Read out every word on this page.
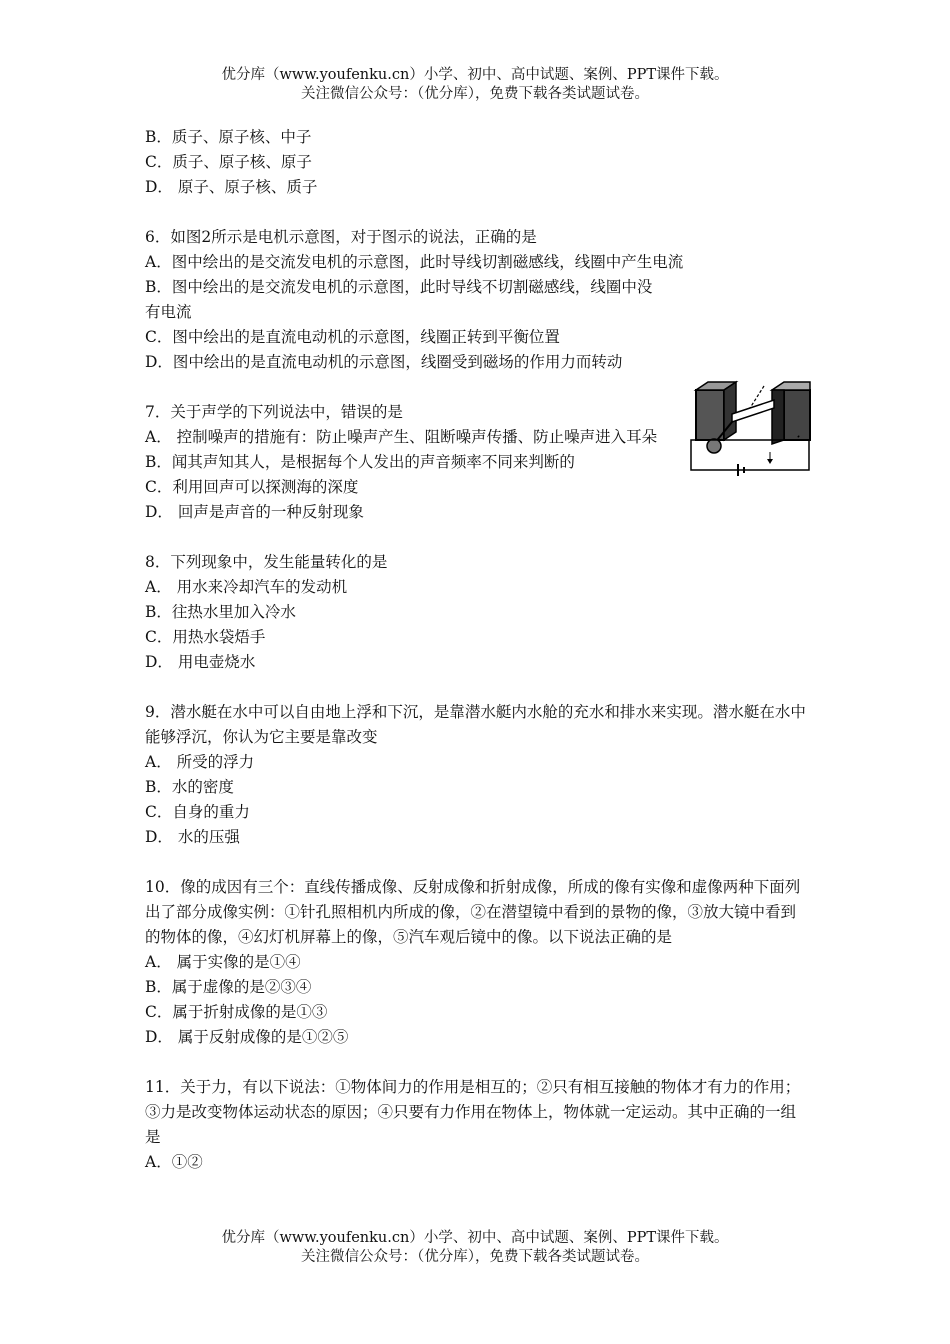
优分库（www.youfenku.cn）小学、初中、高中试题、案例、PPT课件下载。
关注微信公众号：（优分库），免费下载各类试题试卷。
B．质子、原子核、中子
C．质子、原子核、原子
D． 原子、原子核、质子
6．如图2所示是电机示意图，对于图示的说法，正确的是
A．图中绘出的是交流发电机的示意图，此时导线切割磁感线，线圈中产生电流
B．图中绘出的是交流发电机的示意图，此时导线不切割磁感线，线圈中没有电流
C．图中绘出的是直流电动机的示意图，线圈正转到平衡位置
D．图中绘出的是直流电动机的示意图，线圈受到磁场的作用力而转动
7．关于声学的下列说法中，错误的是
A． 控制噪声的措施有：防止噪声产生、阻断噪声传播、防止噪声进入耳朵
B．闻其声知其人，是根据每个人发出的声音频率不同来判断的
C．利用回声可以探测海的深度
D． 回声是声音的一种反射现象
8．下列现象中，发生能量转化的是
A． 用水来冷却汽车的发动机
B．往热水里加入冷水
C．用热水袋焐手
D． 用电壶烧水
9．潜水艇在水中可以自由地上浮和下沉，是靠潜水艇内水舱的充水和排水来实现。潜水艇在水中能够浮沉，你认为它主要是靠改变
A． 所受的浮力
B．水的密度
C．自身的重力
D． 水的压强
10．像的成因有三个：直线传播成像、反射成像和折射成像，所成的像有实像和虚像两种下面列出了部分成像实例：①针孔照相机内所成的像，②在潜望镜中看到的景物的像，③放大镜中看到的物体的像，④幻灯机屏幕上的像，⑤汽车观后镜中的像。以下说法正确的是
A． 属于实像的是①④
B．属于虚像的是②③④
C．属于折射成像的是①③
D． 属于反射成像的是①②⑤
11．关于力，有以下说法：①物体间力的作用是相互的；②只有相互接触的物体才有力的作用；③力是改变物体运动状态的原因；④只要有力作用在物体上，物体就一定运动。其中正确的一组是
A．①②
优分库（www.youfenku.cn）小学、初中、高中试题、案例、PPT课件下载。
关注微信公众号：（优分库），免费下载各类试题试卷。
